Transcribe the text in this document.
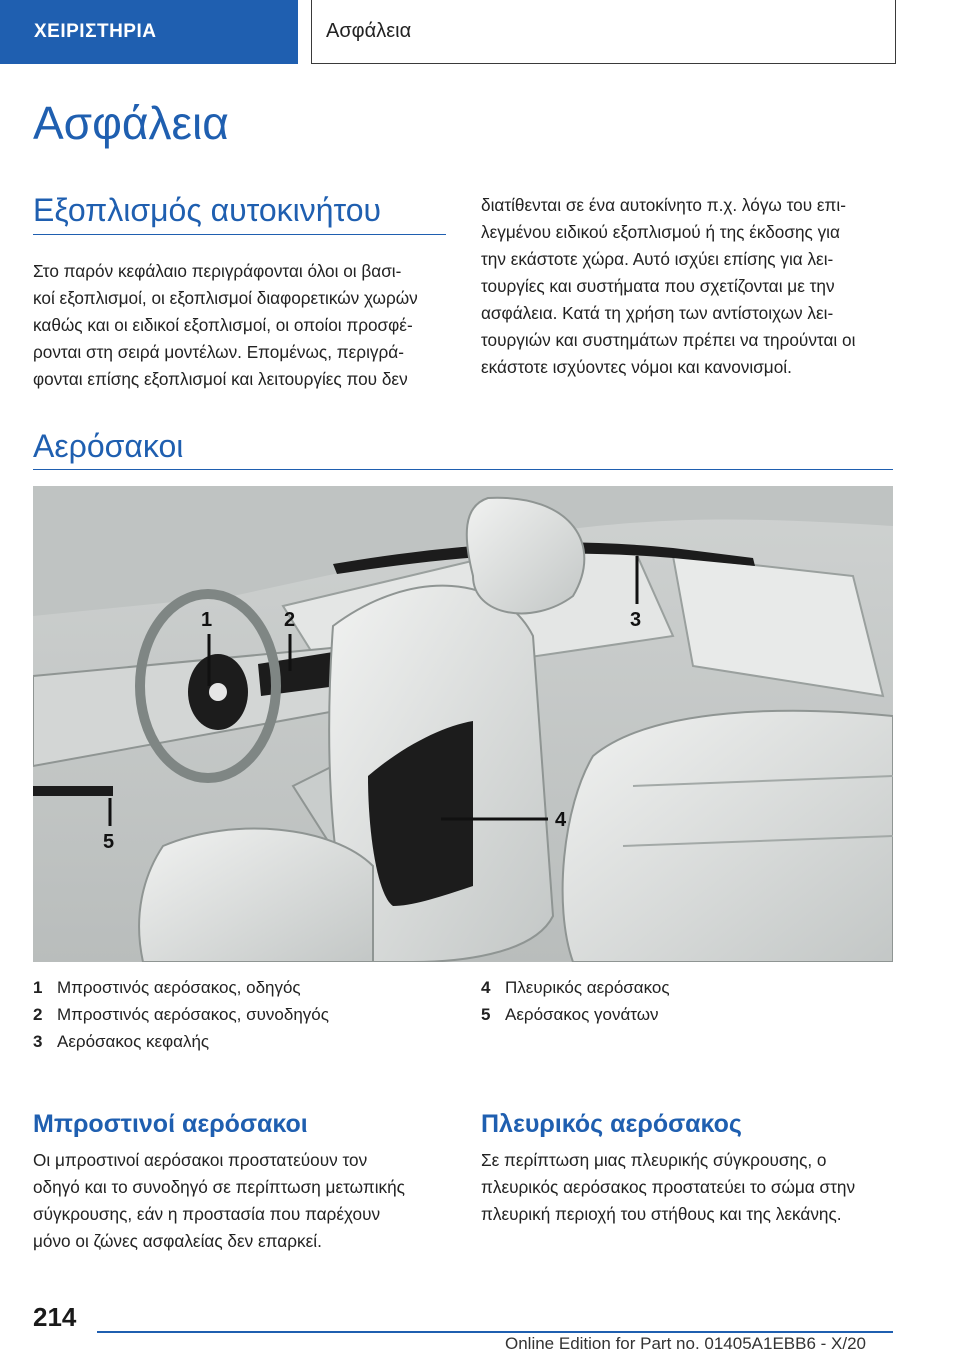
ΧΕΙΡΙΣΤΗΡΙΑ	Ασφάλεια
Ασφάλεια
Εξοπλισμός αυτοκινήτου

Στο παρόν κεφάλαιο περιγράφονται όλοι οι βασι-
κοί εξοπλισμοί, οι εξοπλισμοί διαφορετικών χωρών
καθώς και οι ειδικοί εξοπλισμοί, οι οποίοι προσφέ-
ρονται στη σειρά μοντέλων. Επομένως, περιγρά-
φονται επίσης εξοπλισμοί και λειτουργίες που δεν

διατίθενται σε ένα αυτοκίνητο π.χ. λόγω του επι-
λεγμένου ειδικού εξοπλισμού ή της έκδοσης για
την εκάστοτε χώρα. Αυτό ισχύει επίσης για λει-
τουργίες και συστήματα που σχετίζονται με την
ασφάλεια. Κατά τη χρήση των αντίστοιχων λει-
τουργιών και συστημάτων πρέπει να τηρούνται οι
εκάστοτε ισχύοντες νόμοι και κανονισμοί.

Αερόσακοι
1	2	3
4
5
1 Μπροστινός αερόσακος, οδηγός
2 Μπροστινός αερόσακος, συνοδηγός
3 Αερόσακος κεφαλής
4 Πλευρικός αερόσακος
5 Αερόσακος γονάτων
Μπροστινοί αερόσακοι

Οι μπροστινοί αερόσακοι προστατεύουν τον
οδηγό και το συνοδηγό σε περίπτωση μετωπικής
σύγκρουσης, εάν η προστασία που παρέχουν
μόνο οι ζώνες ασφαλείας δεν επαρκεί.

Πλευρικός αερόσακος

Σε περίπτωση μιας πλευρικής σύγκρουσης, ο
πλευρικός αερόσακος προστατεύει το σώμα στην
πλευρική περιοχή του στήθους και της λεκάνης.

214
Online Edition for Part no. 01405A1EBB6 - X/20
